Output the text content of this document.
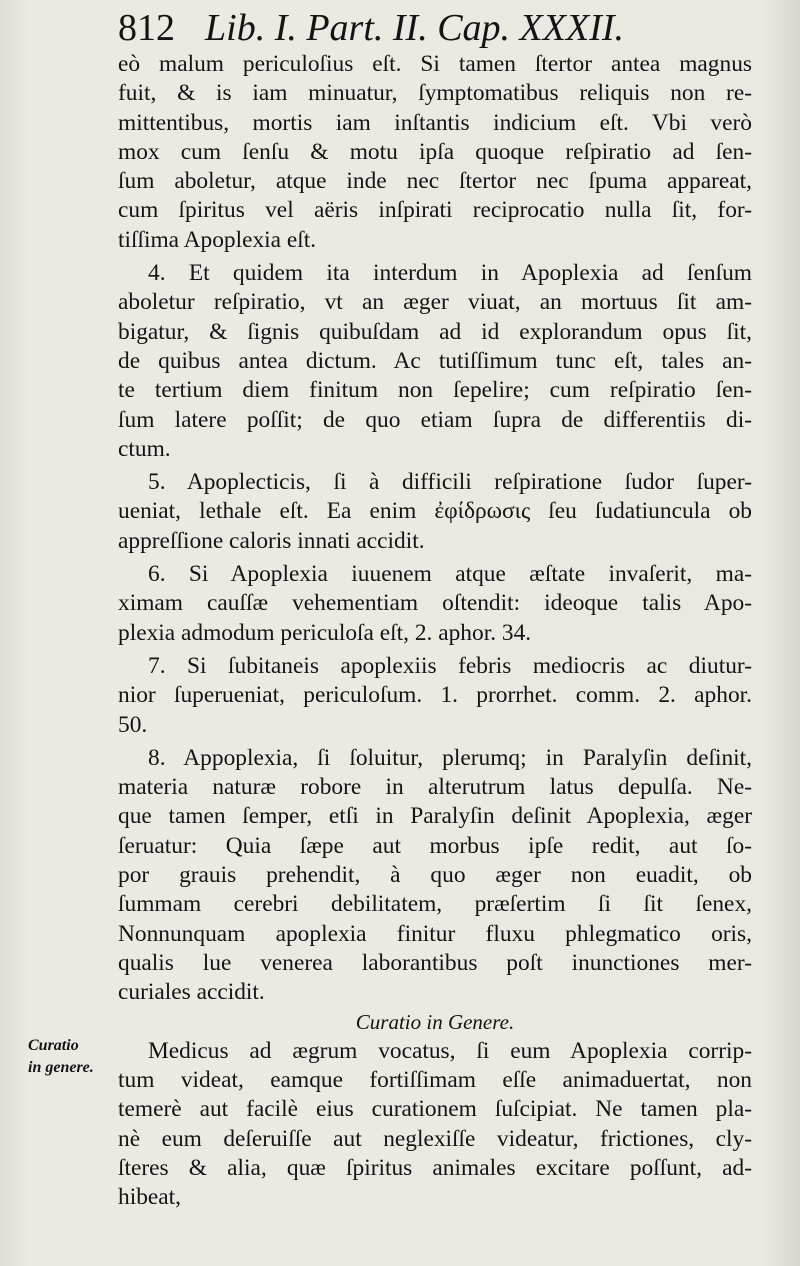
812 Lib. I. Part. II. Cap. XXXII.
eò malum periculoſius eſt. Si tamen ſtertor antea magnus
fuit, & is iam minuatur, ſymptomatibus reliquis non re-
mittentibus, mortis iam inſtantis indicium eſt. Vbi verò
mox cum ſenſu & motu ipſa quoque reſpiratio ad ſen-
ſum aboletur, atque inde nec ſtertor nec ſpuma appareat,
cum ſpiritus vel aëris inſpirati reciprocatio nulla ſit, for-
tiſſima Apoplexia eſt.
4. Et quidem ita interdum in Apoplexia ad ſenſum
aboletur reſpiratio, vt an æger viuat, an mortuus ſit am-
bigatur, & ſignis quibuſdam ad id explorandum opus ſit,
de quibus antea dictum. Ac tutiſſimum tunc eſt, tales an-
te tertium diem finitum non ſepelire; cum reſpiratio ſen-
ſum latere poſſit; de quo etiam ſupra de differentiis di-
ctum.
5. Apoplecticis, ſi à difficili reſpiratione ſudor ſuper-
ueniat, lethale eſt. Ea enim ἐφίδρωσις ſeu ſudatiuncula ob
appreſſione caloris innati accidit.
6. Si Apoplexia iuuenem atque æſtate invaſerit, ma-
ximam cauſſæ vehementiam oſtendit: ideoque talis Apo-
plexia admodum periculoſa eſt, 2. aphor. 34.
7. Si ſubitaneis apoplexiis febris mediocris ac diutur-
nior ſuperueniat, periculoſum. 1. prorrhet. comm. 2. aphor.
50.
8. Appoplexia, ſi ſoluitur, plerumq; in Paralyſin deſinit,
materia naturæ robore in alterutrum latus depulſa. Ne-
que tamen ſemper, etſi in Paralyſin deſinit Apoplexia, æger
ſeruatur: Quia ſæpe aut morbus ipſe redit, aut ſo-
por grauis prehendit, à quo æger non euadit, ob
ſummam cerebri debilitatem, præſertim ſi ſit ſenex,
Nonnunquam apoplexia finitur fluxu phlegmatico oris,
qualis lue venerea laborantibus poſt inunctiones mer-
curiales accidit.
Curatio in Genere.
Medicus ad ægrum vocatus, ſi eum Apoplexia corrip-
tum videat, eamque fortiſſimam eſſe animaduertat, non
temerè aut facilè eius curationem ſuſcipiat. Ne tamen pla-
nè eum deſeruiſſe aut neglexiſſe videatur, frictiones, cly-
ſteres & alia, quæ ſpiritus animales excitare poſſunt, ad-
hibeat,
Curatio
in genere.
